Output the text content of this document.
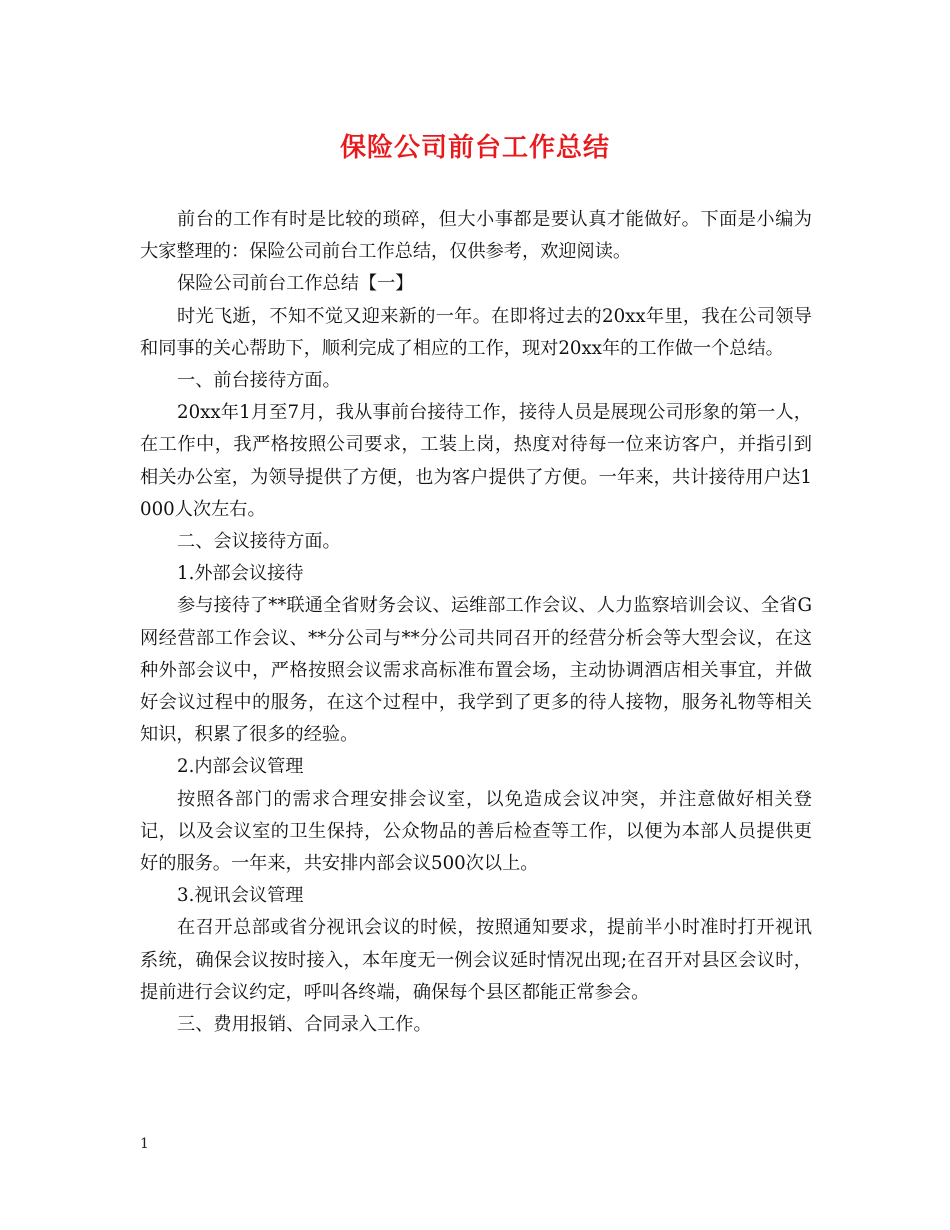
保险公司前台工作总结

前台的工作有时是比较的琐碎，但大小事都是要认真才能做好。下面是小编为大家整理的：保险公司前台工作总结，仅供参考，欢迎阅读。

保险公司前台工作总结【一】

时光飞逝，不知不觉又迎来新的一年。在即将过去的20xx年里，我在公司领导和同事的关心帮助下，顺利完成了相应的工作，现对20xx年的工作做一个总结。

一、前台接待方面。

20xx年1月至7月，我从事前台接待工作，接待人员是展现公司形象的第一人，在工作中，我严格按照公司要求，工装上岗，热度对待每一位来访客户，并指引到相关办公室，为领导提供了方便，也为客户提供了方便。一年来，共计接待用户达1000人次左右。

二、会议接待方面。

1.外部会议接待

参与接待了**联通全省财务会议、运维部工作会议、人力监察培训会议、全省G网经营部工作会议、**分公司与**分公司共同召开的经营分析会等大型会议，在这种外部会议中，严格按照会议需求高标准布置会场，主动协调酒店相关事宜，并做好会议过程中的服务，在这个过程中，我学到了更多的待人接物，服务礼物等相关知识，积累了很多的经验。

2.内部会议管理

按照各部门的需求合理安排会议室，以免造成会议冲突，并注意做好相关登记，以及会议室的卫生保持，公众物品的善后检查等工作，以便为本部人员提供更好的服务。一年来，共安排内部会议500次以上。

3.视讯会议管理

在召开总部或省分视讯会议的时候，按照通知要求，提前半小时准时打开视讯系统，确保会议按时接入，本年度无一例会议延时情况出现;在召开对县区会议时，提前进行会议约定，呼叫各终端，确保每个县区都能正常参会。

三、费用报销、合同录入工作。

1
